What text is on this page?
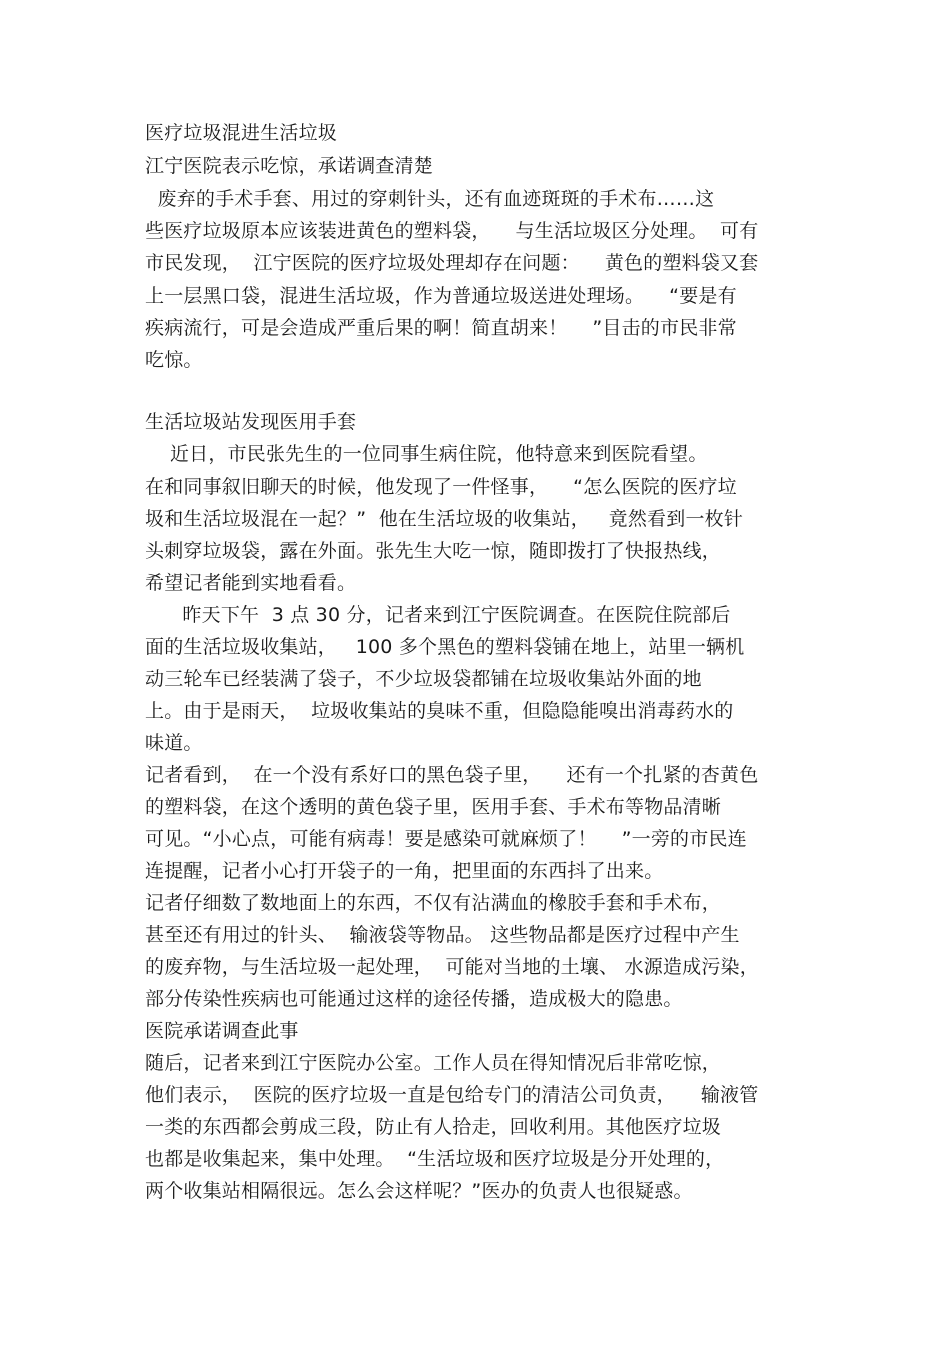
医疗垃圾混进生活垃圾
江宁医院表示吃惊，承诺调查清楚
废弃的手术手套、用过的穿刺针头，还有血迹斑斑的手术布……这
些医疗垃圾原本应该装进黄色的塑料袋，    与生活垃圾区分处理。  可有
市民发现，  江宁医院的医疗垃圾处理却存在问题：    黄色的塑料袋又套
上一层黑口袋，混进生活垃圾，作为普通垃圾送进处理场。    “要是有
疾病流行，可是会造成严重后果的啊！简直胡来！    ”目击的市民非常
吃惊。
生活垃圾站发现医用手套
近日，市民张先生的一位同事生病住院，他特意来到医院看望。
在和同事叙旧聊天的时候，他发现了一件怪事，    “怎么医院的医疗垃
圾和生活垃圾混在一起？”  他在生活垃圾的收集站，   竟然看到一枚针
头刺穿垃圾袋，露在外面。张先生大吃一惊，随即拨打了快报热线，
希望记者能到实地看看。
昨天下午  3 点 30 分，记者来到江宁医院调查。在医院住院部后
面的生活垃圾收集站，   100 多个黑色的塑料袋铺在地上，站里一辆机
动三轮车已经装满了袋子，不少垃圾袋都铺在垃圾收集站外面的地
上。由于是雨天，  垃圾收集站的臭味不重，但隐隐能嗅出消毒药水的
味道。
记者看到，  在一个没有系好口的黑色袋子里，    还有一个扎紧的杏黄色
的塑料袋，在这个透明的黄色袋子里，医用手套、手术布等物品清晰
可见。“小心点，可能有病毒！要是感染可就麻烦了！    ”一旁的市民连
连提醒，记者小心打开袋子的一角，把里面的东西抖了出来。
记者仔细数了数地面上的东西，不仅有沾满血的橡胶手套和手术布，
甚至还有用过的针头、  输液袋等物品。 这些物品都是医疗过程中产生
的废弃物，与生活垃圾一起处理，  可能对当地的土壤、 水源造成污染，
部分传染性疾病也可能通过这样的途径传播，造成极大的隐患。
医院承诺调查此事
随后，记者来到江宁医院办公室。工作人员在得知情况后非常吃惊，
他们表示，  医院的医疗垃圾一直是包给专门的清洁公司负责，    输液管
一类的东西都会剪成三段，防止有人拾走，回收利用。其他医疗垃圾
也都是收集起来，集中处理。  “生活垃圾和医疗垃圾是分开处理的，
两个收集站相隔很远。怎么会这样呢？”医办的负责人也很疑惑。
